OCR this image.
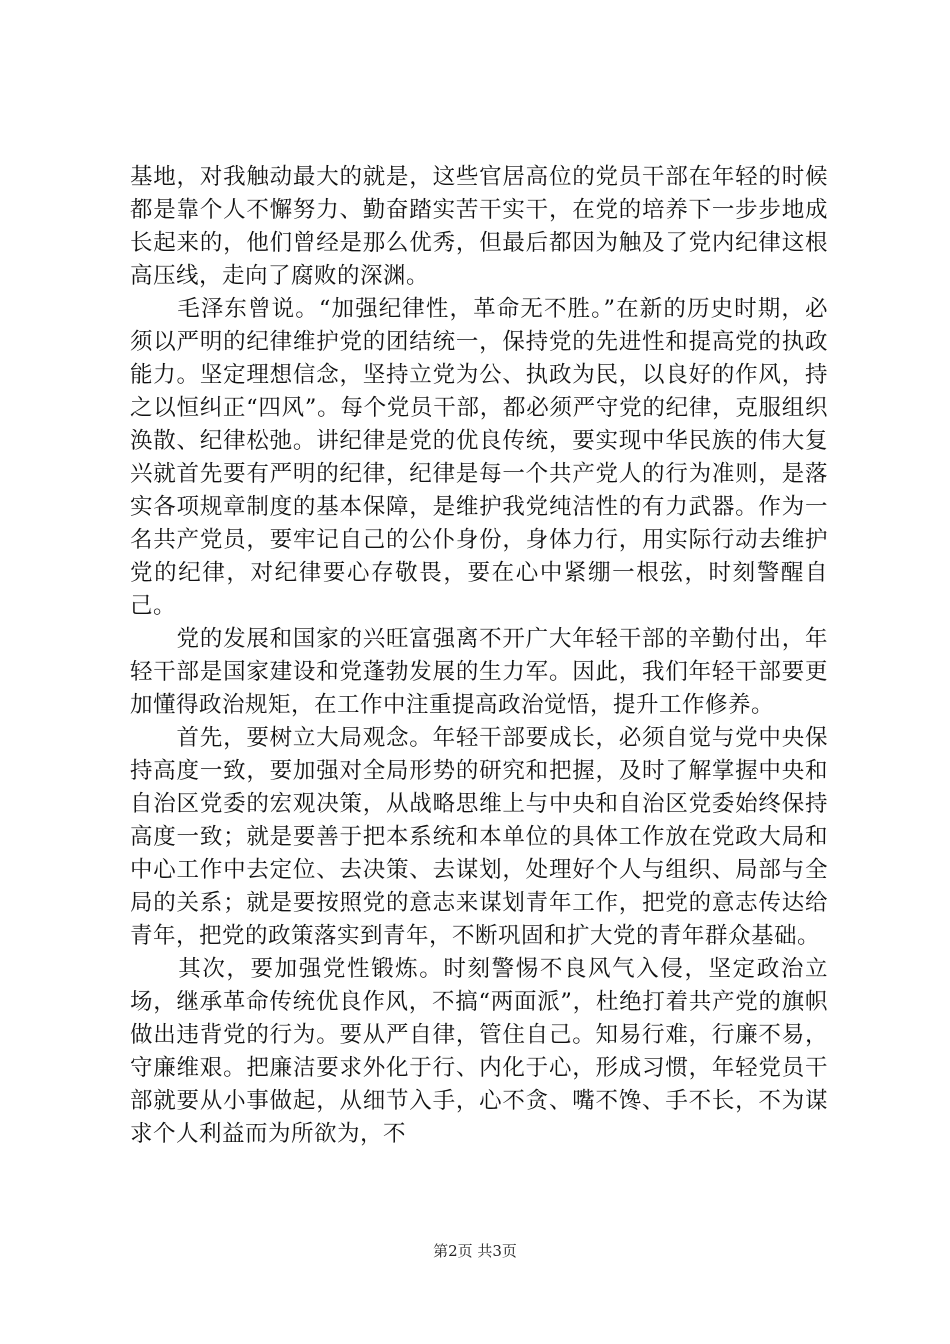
基地，对我触动最大的就是，这些官居高位的党员干部在年轻的时候都是靠个人不懈努力、勤奋踏实苦干实干，在党的培养下一步步地成长起来的，他们曾经是那么优秀，但最后都因为触及了党内纪律这根高压线，走向了腐败的深渊。

　　毛泽东曾说。“加强纪律性，革命无不胜。”在新的历史时期，必须以严明的纪律维护党的团结统一，保持党的先进性和提高党的执政能力。坚定理想信念，坚持立党为公、执政为民，以良好的作风，持之以恒纠正“四风”。每个党员干部，都必须严守党的纪律，克服组织涣散、纪律松弛。讲纪律是党的优良传统，要实现中华民族的伟大复兴就首先要有严明的纪律，纪律是每一个共产党人的行为准则，是落实各项规章制度的基本保障，是维护我党纯洁性的有力武器。作为一名共产党员，要牢记自己的公仆身份，身体力行，用实际行动去维护党的纪律，对纪律要心存敬畏，要在心中紧绷一根弦，时刻警醒自己。

　　党的发展和国家的兴旺富强离不开广大年轻干部的辛勤付出，年轻干部是国家建设和党蓬勃发展的生力军。因此，我们年轻干部要更加懂得政治规矩，在工作中注重提高政治觉悟，提升工作修养。

　　首先，要树立大局观念。年轻干部要成长，必须自觉与党中央保持高度一致，要加强对全局形势的研究和把握，及时了解掌握中央和自治区党委的宏观决策，从战略思维上与中央和自治区党委始终保持高度一致；就是要善于把本系统和本单位的具体工作放在党政大局和中心工作中去定位、去决策、去谋划，处理好个人与组织、局部与全局的关系；就是要按照党的意志来谋划青年工作，把党的意志传达给青年，把党的政策落实到青年，不断巩固和扩大党的青年群众基础。

　　其次，要加强党性锻炼。时刻警惕不良风气入侵，坚定政治立场，继承革命传统优良作风，不搞“两面派”，杜绝打着共产党的旗帜做出违背党的行为。要从严自律，管住自己。知易行难，行廉不易，守廉维艰。把廉洁要求外化于行、内化于心，形成习惯，年轻党员干部就要从小事做起，从细节入手，心不贪、嘴不馋、手不长，不为谋求个人利益而为所欲为，不

第2页 共3页
